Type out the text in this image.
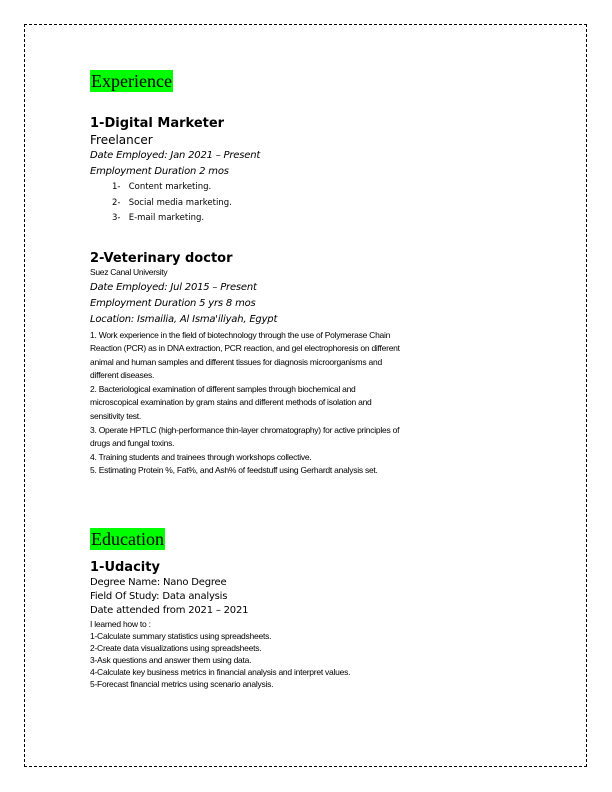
Experience
1-Digital Marketer
Freelancer
Date Employed: Jan 2021 – Present
Employment Duration 2 mos
1- Content marketing.
2- Social media marketing.
3- E-mail marketing.
2-Veterinary doctor
Suez Canal University
Date Employed: Jul 2015 – Present
Employment Duration 5 yrs 8 mos
Location: Ismailia, Al Isma'iliyah, Egypt
1. Work experience in the field of biotechnology through the use of Polymerase Chain
Reaction (PCR) as in DNA extraction, PCR reaction, and gel electrophoresis on different
animal and human samples and different tissues for diagnosis microorganisms and
different diseases.
2. Bacteriological examination of different samples through biochemical and
microscopical examination by gram stains and different methods of isolation and
sensitivity test.
3. Operate HPTLC (high-performance thin-layer chromatography) for active principles of
drugs and fungal toxins.
4. Training students and trainees through workshops collective.
5. Estimating Protein %, Fat%, and Ash% of feedstuff using Gerhardt analysis set.
Education
1-Udacity
Degree Name: Nano Degree
Field Of Study: Data analysis
Date attended from 2021 – 2021
I learned how to :
1-Calculate summary statistics using spreadsheets.
2-Create data visualizations using spreadsheets.
3-Ask questions and answer them using data.
4-Calculate key business metrics in financial analysis and interpret values.
5-Forecast financial metrics using scenario analysis.
